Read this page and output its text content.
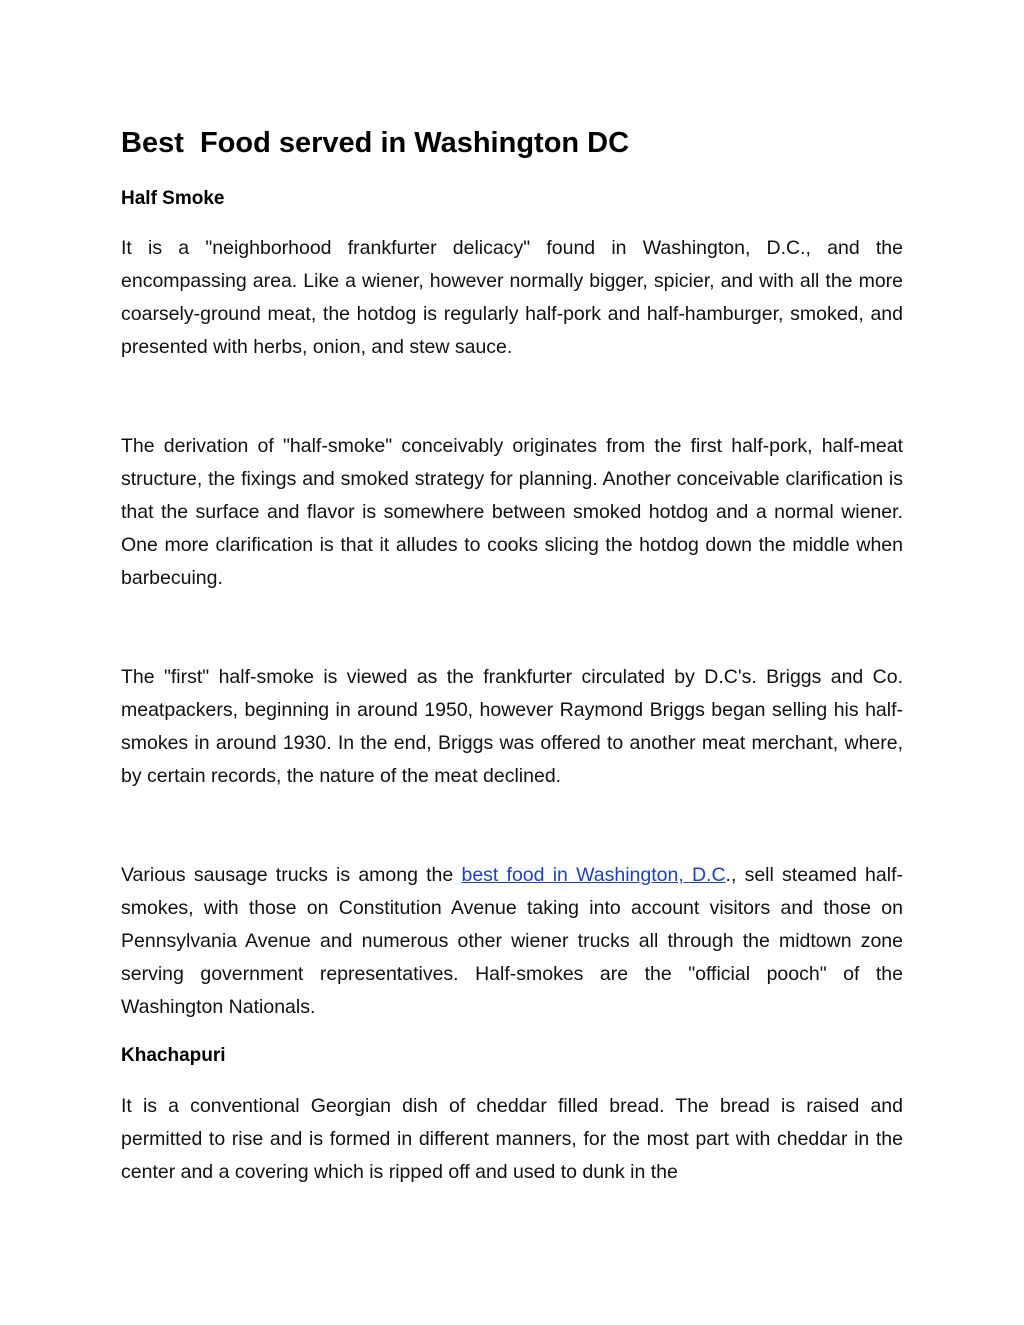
Best  Food served in Washington DC
Half Smoke

It is a "neighborhood frankfurter delicacy" found in Washington, D.C., and the encompassing area. Like a wiener, however normally bigger, spicier, and with all the more coarsely-ground meat, the hotdog is regularly half-pork and half-hamburger, smoked, and presented with herbs, onion, and stew sauce.

The derivation of "half-smoke" conceivably originates from the first half-pork, half-meat structure, the fixings and smoked strategy for planning. Another conceivable clarification is that the surface and flavor is somewhere between smoked hotdog and a normal wiener. One more clarification is that it alludes to cooks slicing the hotdog down the middle when barbecuing.

The "first" half-smoke is viewed as the frankfurter circulated by D.C's. Briggs and Co. meatpackers, beginning in around 1950, however Raymond Briggs began selling his half-smokes in around 1930. In the end, Briggs was offered to another meat merchant, where, by certain records, the nature of the meat declined.

Various sausage trucks is among the best food in Washington, D.C., sell steamed half-smokes, with those on Constitution Avenue taking into account visitors and those on Pennsylvania Avenue and numerous other wiener trucks all through the midtown zone serving government representatives. Half-smokes are the "official pooch" of the Washington Nationals.

Khachapuri

It is a conventional Georgian dish of cheddar filled bread. The bread is raised and permitted to rise and is formed in different manners, for the most part with cheddar in the center and a covering which is ripped off and used to dunk in the
